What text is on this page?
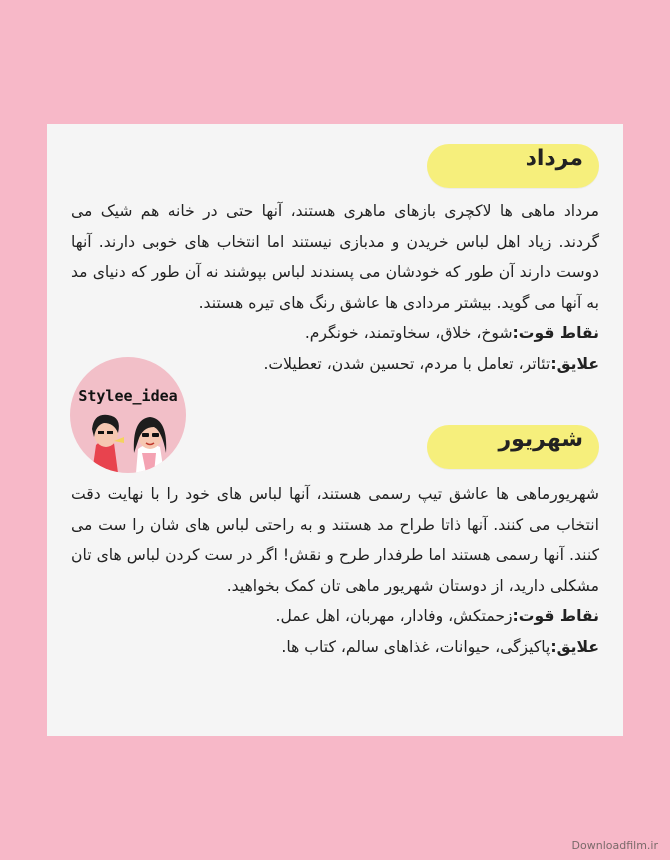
مرداد
مرداد ماهی ها لاکچری بازهای ماهری هستند، آنها حتی در خانه هم شیک می گردند. زیاد اهل لباس خریدن و مدبازی نیستند اما انتخاب های خوبی دارند. آنها دوست دارند آن طور که خودشان می پسندند لباس بپوشند نه آن طور که دنیای مد به آنها می گوید. بیشتر مردادی ها عاشق رنگ های تیره هستند.
نقاط قوت:شوخ، خلاق، سخاوتمند، خونگرم.
علایق:تئاتر، تعامل با مردم، تحسین شدن، تعطیلات.
شهریور
شهریورماهی ها عاشق تیپ رسمی هستند، آنها لباس های خود را با نهایت دقت انتخاب می کنند. آنها ذاتا طراح مد هستند و به راحتی لباس های شان را ست می کنند. آنها رسمی هستند اما طرفدار طرح و نقش! اگر در ست کردن لباس های تان مشکلی دارید، از دوستان شهریور ماهی تان کمک بخواهید.
نقاط قوت:زحمتکش، وفادار، مهربان، اهل عمل.
علایق:پاکیزگی، حیوانات، غذاهای سالم، کتاب ها.
Stylee_idea
Downloadfilm.ir
